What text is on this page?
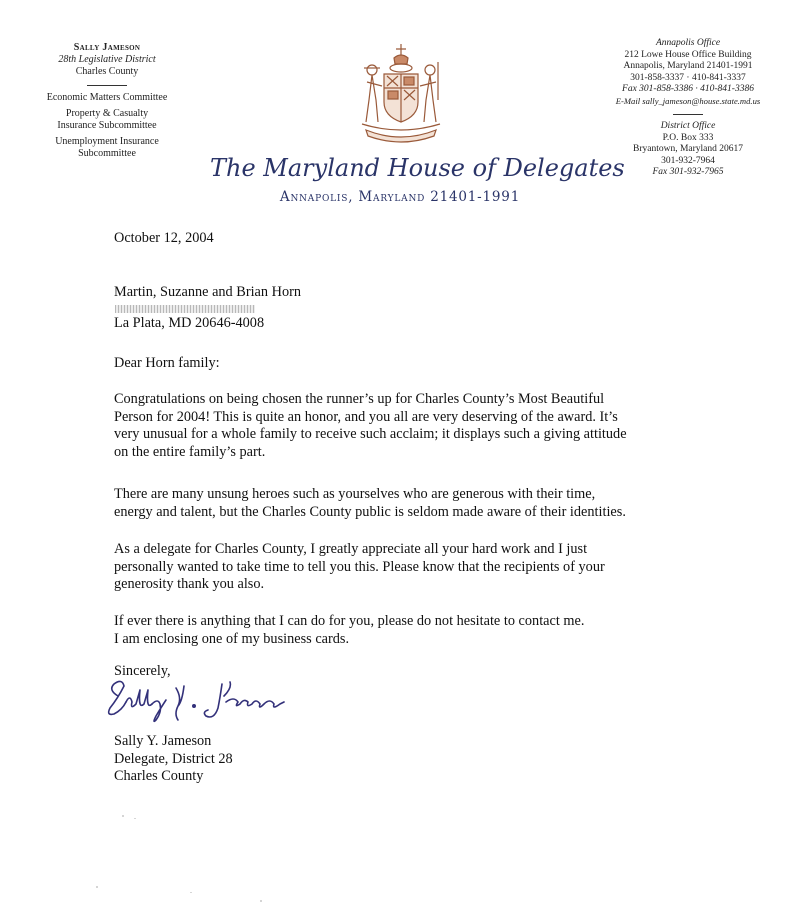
Sally Jameson
28th Legislative District
Charles County
Economic Matters Committee
Property & Casualty
Insurance Subcommittee
Unemployment Insurance
Subcommittee
Annapolis Office
212 Lowe House Office Building
Annapolis, Maryland 21401-1991
301-858-3337 · 410-841-3337
Fax 301-858-3386 · 410-841-3386
E-Mail sally_jameson@house.state.md.us
District Office
P.O. Box 333
Bryantown, Maryland 20617
301-932-7964
Fax 301-932-7965
The Maryland House of Delegates
Annapolis, Maryland 21401-1991
October 12, 2004
Martin, Suzanne and Brian Horn
La Plata, MD 20646-4008
Dear Horn family:
Congratulations on being chosen the runner’s up for Charles County’s Most Beautiful
Person for 2004! This is quite an honor, and you all are very deserving of the award. It’s
very unusual for a whole family to receive such acclaim; it displays such a giving attitude
on the entire family’s part.
There are many unsung heroes such as yourselves who are generous with their time,
energy and talent, but the Charles County public is seldom made aware of their identities.
As a delegate for Charles County, I greatly appreciate all your hard work and I just
personally wanted to take time to tell you this. Please know that the recipients of your
generosity thank you also.
If ever there is anything that I can do for you, please do not hesitate to contact me.
I am enclosing one of my business cards.
Sincerely,
Sally Y. Jameson
Delegate, District 28
Charles County
